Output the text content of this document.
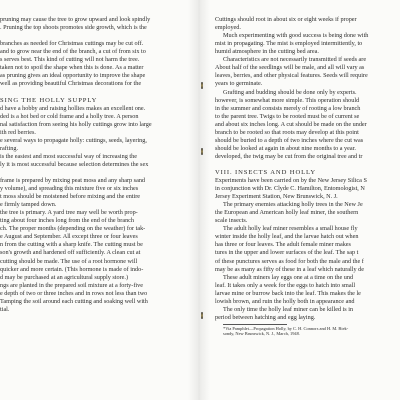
pruning may cause the tree to grow upward and look spindly
. Pruning the top shoots promotes side growth, which is the

branches as needed for Christmas cuttings may be cut off.
and to grow near the end of the branch, a cut of from six to
s serves best. This kind of cutting will not harm the tree.
taken not to spoil the shape when this is done. As a matter
as pruning gives an ideal opportunity to improve the shape
well as providing beautiful Christmas decorations for the

SING THE HOLLY SUPPLY
d have a hobby and raising hollies makes an excellent one.
ded is a hot bed or cold frame and a holly tree. A person
nal satisfaction from seeing his holly cuttings grow into large
ith red berries.
e several ways to propagate holly: cuttings, seeds, layering,
rafting.
is the easiest and most successful way of increasing the
ly it is most successful because selection determines the sex

frame is prepared by mixing peat moss and any sharp sand
y volume), and spreading this mixture five or six inches
t moss should be moistened before mixing and the entire
e firmly tamped down.
the tree is primary. A yard tree may well be worth prop-
ting about four inches long from the end of the branch
ch. The proper months (depending on the weather) for tak-
e August and September. All except three or four leaves
n from the cutting with a sharp knife. The cutting must be
son's growth and hardened off sufficiently. A clean cut at
cutting should be made. The use of a root hormone will
quicker and more certain. (This hormone is made of indo-
d may be purchased at an agricultural supply store.)
ngs are planted in the prepared soil mixture at a forty-five
e depth of two or three inches and in rows not less than two
Tamping the soil around each cutting and soaking well with
tial.

Cuttings should root in about six or eight weeks if proper
employed.
Much experimenting with good success is being done with
mist in propagating. The mist is employed intermittently, to
humid atmosphere in the cutting bed area.
Characteristics are not necessarily transmitted if seeds are
About half of the seedlings will be male, and all will vary as
leaves, berries, and other physical features. Seeds will require
years to germinate.
Grafting and budding should be done only by experts.
however, is somewhat more simple. This operation should
in the summer and consists merely of rooting a low branch
to the parent tree. Twigs to be rooted must be of current se
and about six inches long. A cut should be made on the under
branch to be rooted so that roots may develop at this point
should be buried to a depth of two inches where the cut was
should be looked at again in about nine months to a year.
developed, the twig may be cut from the original tree and tr

VIII. INSECTS AND HOLLY
Experiments have been carried on by the New Jersey Silica S
in conjunction with Dr. Clyde C. Hamilton, Entomologist, N
Jersey Experiment Station, New Brunswick, N. J.
The primary enemies attacking holly trees in the New Je
the European and American holly leaf miner, the southern
scale insects.
The adult holly leaf miner resembles a small house fly
winter inside the holly leaf, and the larvae hatch out when
has three or four leaves. The adult female miner makes
tures in the upper and lower surfaces of the leaf. The sap t
of these punctures serves as food for both the male and the f
may be as many as fifty of these in a leaf which naturally de
These adult miners lay eggs one at a time on the und
leaf. It takes only a week for the eggs to hatch into small
larvae mine or burrow back into the leaf. This makes the le
lowish brown, and ruin the holly both in appearance and
The only time the holly leaf miner can be killed is in
period between hatching and egg laying.
*Via Pamphlet—Propagation Holly, by C. H. Connors and H. M. Biek-
sondy, New Brunswick, N. J., March, 1948.
